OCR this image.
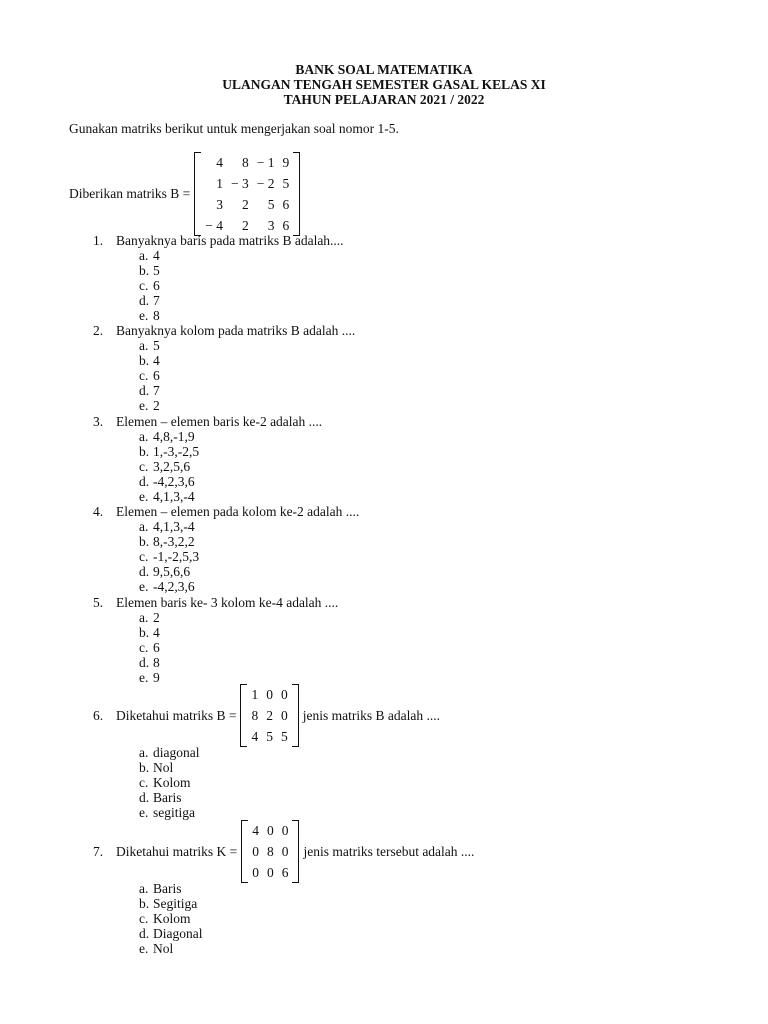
BANK SOAL MATEMATIKA
ULANGAN TENGAH SEMESTER GASAL KELAS XI
TAHUN PELAJARAN 2021 / 2022
Gunakan matriks berikut untuk mengerjakan soal nomor 1-5.
Diberikan matriks B =
4	8	− 1	9
1	− 3	− 2	5
3	2	5	6
− 4	2	3	6
1. Banyaknya baris pada matriks B adalah....
a. 4
b. 5
c. 6
d. 7
e. 8
2. Banyaknya kolom pada matriks B adalah ....
a. 5
b. 4
c. 6
d. 7
e. 2
3. Elemen – elemen baris ke-2 adalah ....
a. 4,8,-1,9
b. 1,-3,-2,5
c. 3,2,5,6
d. -4,2,3,6
e. 4,1,3,-4
4. Elemen – elemen pada kolom ke-2 adalah ....
a. 4,1,3,-4
b. 8,-3,2,2
c. -1,-2,5,3
d. 9,5,6,6
e. -4,2,3,6
5. Elemen baris ke- 3 kolom ke-4 adalah ....
a. 2
b. 4
c. 6
d. 8
e. 9
6. Diketahui matriks B =
1	0	0
8	2	0
4	5	5
jenis matriks B adalah ....
a. diagonal
b. Nol
c. Kolom
d. Baris
e. segitiga
7. Diketahui matriks K =
4	0	0
0	8	0
0	0	6
jenis matriks tersebut adalah ....
a. Baris
b. Segitiga
c. Kolom
d. Diagonal
e. Nol
